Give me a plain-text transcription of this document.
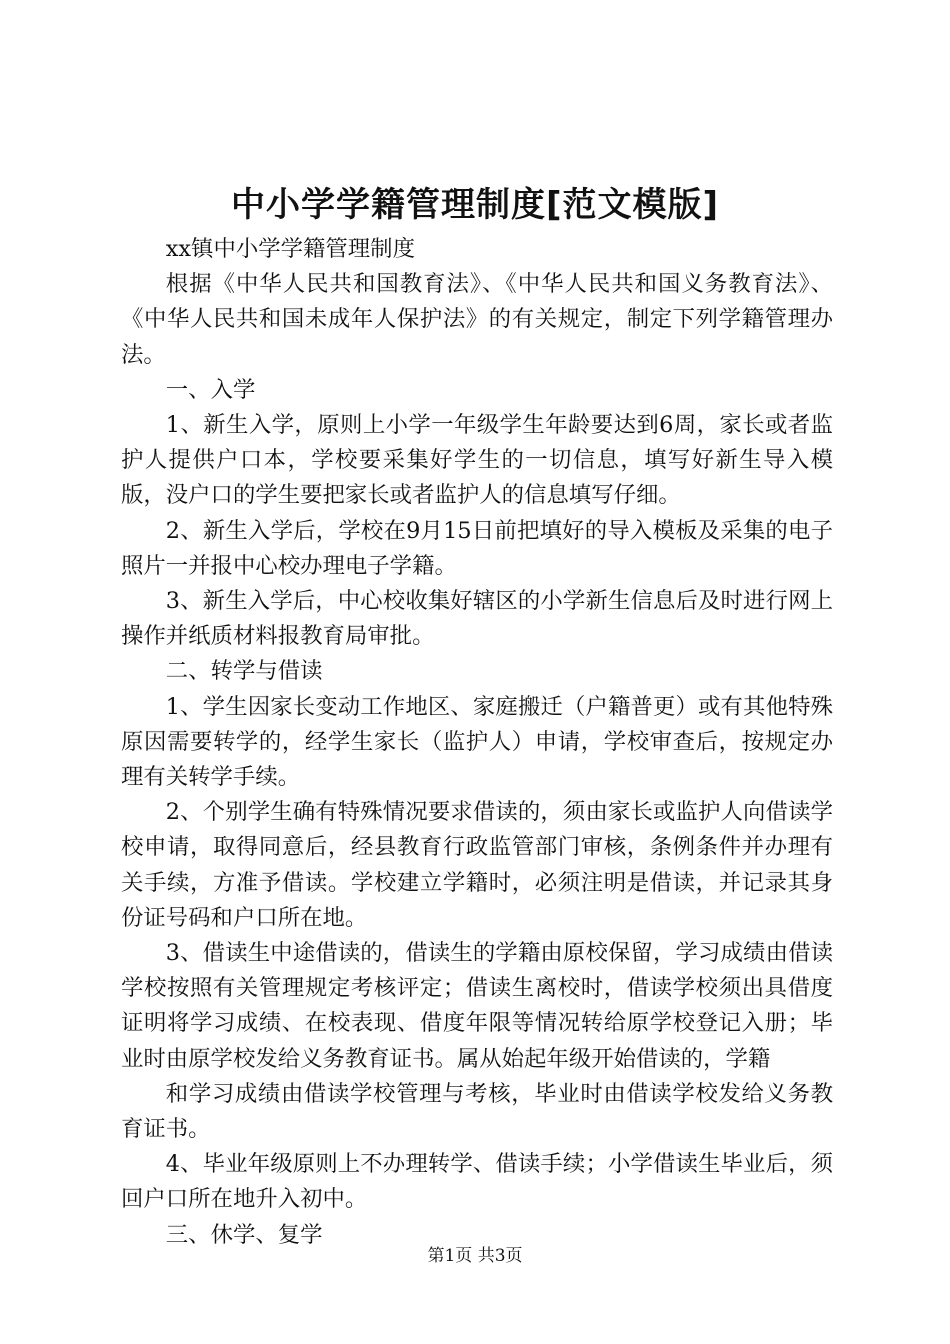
中小学学籍管理制度[范文模版]

xx镇中小学学籍管理制度

根据《中华人民共和国教育法》、《中华人民共和国义务教育法》、《中华人民共和国未成年人保护法》的有关规定，制定下列学籍管理办法。

一、入学

1、新生入学，原则上小学一年级学生年龄要达到6周，家长或者监护人提供户口本，学校要采集好学生的一切信息，填写好新生导入模版，没户口的学生要把家长或者监护人的信息填写仔细。

2、新生入学后，学校在9月15日前把填好的导入模板及采集的电子照片一并报中心校办理电子学籍。

3、新生入学后，中心校收集好辖区的小学新生信息后及时进行网上操作并纸质材料报教育局审批。

二、转学与借读

1、学生因家长变动工作地区、家庭搬迁（户籍普更）或有其他特殊原因需要转学的，经学生家长（监护人）申请，学校审查后，按规定办理有关转学手续。

2、个别学生确有特殊情况要求借读的，须由家长或监护人向借读学校申请，取得同意后，经县教育行政监管部门审核，条例条件并办理有关手续，方准予借读。学校建立学籍时，必须注明是借读，并记录其身份证号码和户口所在地。

3、借读生中途借读的，借读生的学籍由原校保留，学习成绩由借读学校按照有关管理规定考核评定；借读生离校时，借读学校须出具借度证明将学习成绩、在校表现、借度年限等情况转给原学校登记入册；毕业时由原学校发给义务教育证书。属从始起年级开始借读的，学籍

和学习成绩由借读学校管理与考核，毕业时由借读学校发给义务教育证书。

4、毕业年级原则上不办理转学、借读手续；小学借读生毕业后，须回户口所在地升入初中。

三、休学、复学

第1页 共3页
